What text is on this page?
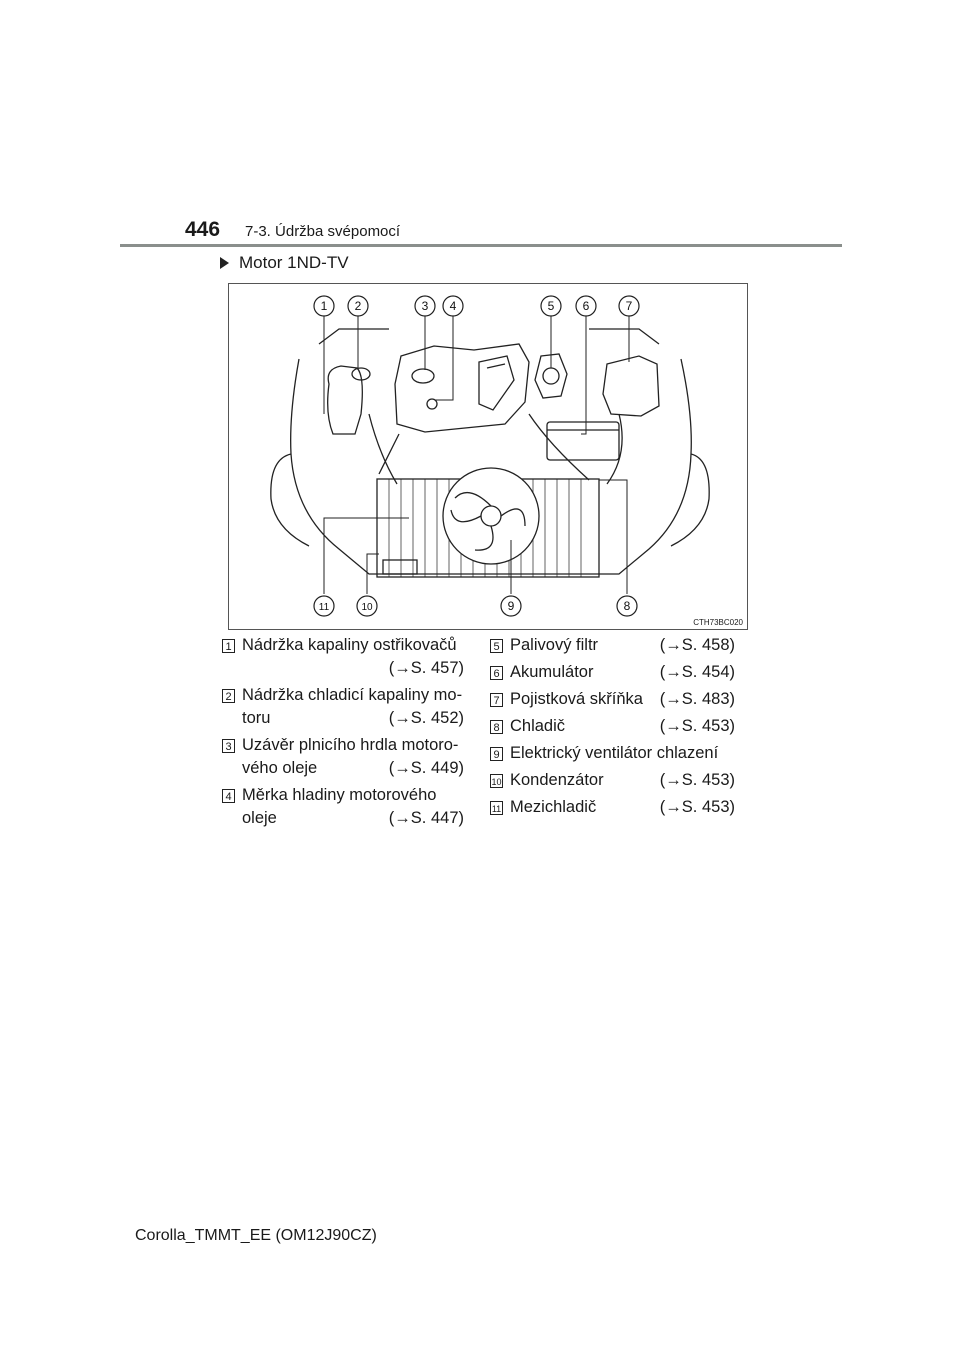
446 7-3. Údržba svépomocí
Motor 1ND-TV
1 2	3 4	5 6	7
8
9
10
11
CTH73BC020
1 Nádržka kapaliny ostřikovačů
(→S. 457)
2 Nádržka chladicí kapaliny mo-
toru	(→S. 452)
3 Uzávěr plnicího hrdla motoro-
vého oleje	(→S. 449)
4 Měrka hladiny motorového
oleje	(→S. 447)
5 Palivový filtr	(→S. 458)
6 Akumulátor	(→S. 454)
7 Pojistková skříňka (→S. 483)
8 Chladič	(→S. 453)
9 Elektrický ventilátor chlazení
10 Kondenzátor	(→S. 453)
11 Mezichladič	(→S. 453)
Corolla_TMMT_EE (OM12J90CZ)
